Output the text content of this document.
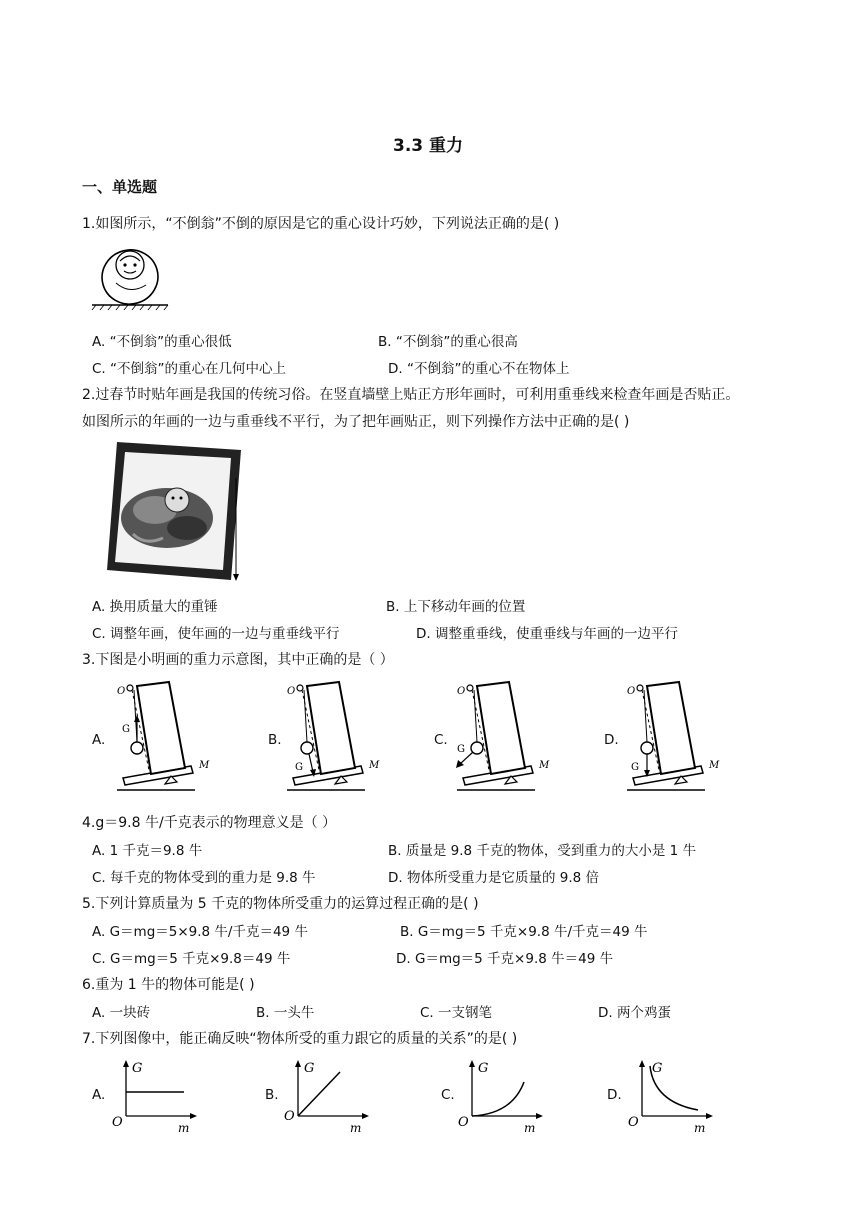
3.3 重力
一、单选题
1.如图所示，“不倒翁”不倒的原因是它的重心设计巧妙，下列说法正确的是( )
A. “不倒翁”的重心很低	B. “不倒翁”的重心很高
C. “不倒翁”的重心在几何中心上	D. “不倒翁”的重心不在物体上
2.过春节时贴年画是我国的传统习俗。在竖直墙壁上贴正方形年画时，可利用重垂线来检查年画是否贴正。
如图所示的年画的一边与重垂线不平行，为了把年画贴正，则下列操作方法中正确的是( )
A. 换用质量大的重锤	B. 上下移动年画的位置
C. 调整年画，使年画的一边与重垂线平行	D. 调整重垂线，使重垂线与年画的一边平行
3.下图是小明画的重力示意图，其中正确的是（ ）
A.
O
G
M
B.
O
G	M
C.
O
G
M
D.
O
G	M
4.g＝9.8 牛/千克表示的物理意义是（ ）
A. 1 千克＝9.8 牛	B. 质量是 9.8 千克的物体，受到重力的大小是 1 牛
C. 每千克的物体受到的重力是 9.8 牛	D. 物体所受重力是它质量的 9.8 倍
5.下列计算质量为 5 千克的物体所受重力的运算过程正确的是( )
A. G＝mg＝5×9.8 牛/千克＝49 牛	B. G＝mg＝5 千克×9.8 牛/千克＝49 牛
C. G＝mg＝5 千克×9.8＝49 牛	D. G＝mg＝5 千克×9.8 牛＝49 牛
6.重为 1 牛的物体可能是( )
A. 一块砖	B. 一头牛	C. 一支钢笔	D. 两个鸡蛋
7.下列图像中，能正确反映“物体所受的重力跟它的质量的关系”的是( )
A.
G
O	m
B.
G
O
m
C.
G
O	m
D.
G
O	m
